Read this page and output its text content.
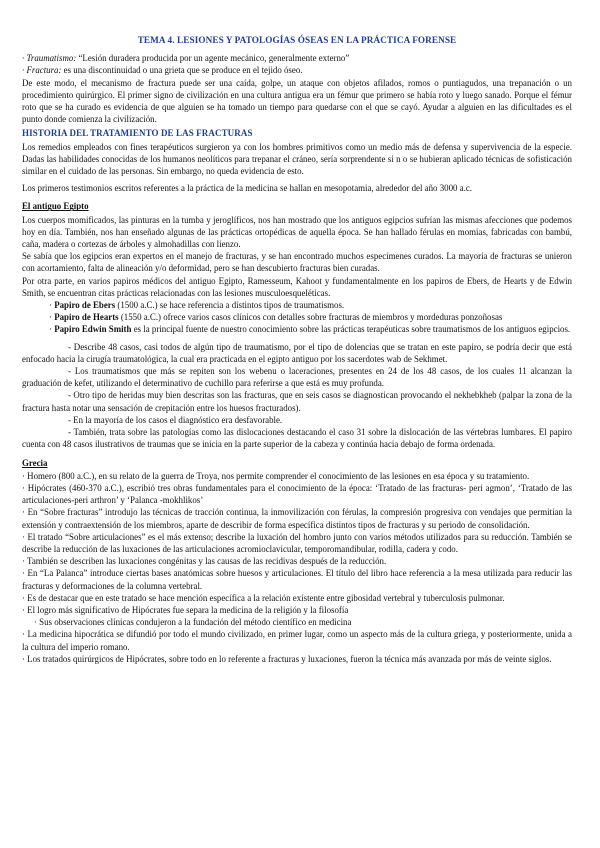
TEMA 4. LESIONES Y PATOLOGÍAS ÓSEAS EN LA PRÁCTICA FORENSE

· Traumatismo: “Lesión duradera producida por un agente mecánico, generalmente externo”

· Fractura: es una discontinuidad o una grieta que se produce en el tejido óseo.

De este modo, el mecanismo de fractura puede ser una caída, golpe, un ataque con objetos afilados, romos o puntiagudos, una trepanación o un procedimiento quirúrgico. El primer signo de civilización en una cultura antigua era un fémur que primero se había roto y luego sanado. Porque el fémur roto que se ha curado es evidencia de que alguien se ha tomado un tiempo para quedarse con el que se cayó. Ayudar a alguien en las dificultades es el punto donde comienza la civilización.

HISTORIA DEL TRATAMIENTO DE LAS FRACTURAS

Los remedios empleados con fines terapéuticos surgieron ya con los hombres primitivos como un medio más de defensa y supervivencia de la especie. Dadas las habilidades conocidas de los humanos neolíticos para trepanar el cráneo, sería sorprendente si n o se hubieran aplicado técnicas de sofisticación similar en el cuidado de las personas. Sin embargo, no queda evidencia de esto.

Los primeros testimonios escritos referentes a la práctica de la medicina se hallan en mesopotamia, alrededor del año 3000 a.c.

El antiguo Egipto

Los cuerpos momificados, las pinturas en la tumba y jeroglíficos, nos han mostrado que los antiguos egipcios sufrían las mismas afecciones que podemos hoy en día. También, nos han enseñado algunas de las prácticas ortopédicas de aquella época. Se han hallado férulas en momias, fabricadas con bambú, caña, madera o cortezas de árboles y almohadillas con lienzo.

Se sabía que los egipcios eran expertos en el manejo de fracturas, y se han encontrado muchos especímenes curados. La mayoría de fracturas se unieron con acortamiento, falta de alineación y/o deformidad, pero se han descubierto fracturas bien curadas.

Por otra parte, en varios papiros médicos del antiguo Egipto, Ramesseum, Kahoot y fundamentalmente en los papiros de Ebers, de Hearts y de Edwin Smith, se encuentran citas prácticas relacionadas con las lesiones musculoesqueléticas.

· Papiro de Ebers (1500 a.C.) se hace referencia a distintos tipos de traumatismos.

· Papiro de Hearts (1550 a.C.) ofrece varios casos clínicos con detalles sobre fracturas de miembros y mordeduras ponzoñosas

· Papiro Edwin Smith es la principal fuente de nuestro conocimiento sobre las prácticas terapéuticas sobre traumatismos de los antiguos egipcios.

- Describe 48 casos, casi todos de algún tipo de traumatismo, por el tipo de dolencias que se tratan en este papiro, se podría decir que está enfocado hacia la cirugía traumatológica, la cual era practicada en el egipto antiguo por los sacerdotes wab de Sekhmet.

- Los traumatismos que más se repiten son los webenu o laceraciones, presentes en 24 de los 48 casos, de los cuales 11 alcanzan la graduación de kefet, utilizando el determinativo de cuchillo para referirse a que está es muy profunda.

- Otro tipo de heridas muy bien descritas son las fracturas, que en seis casos se diagnostican provocando el nekhebkheb (palpar la zona de la fractura hasta notar una sensación de crepitación entre los huesos fracturados).

- En la mayoría de los casos el diagnóstico era desfavorable.

- También, trata sobre las patologías como las dislocaciones destacando el caso 31 sobre la dislocación de las vértebras lumbares. El papiro cuenta con 48 casos ilustrativos de traumas que se inicia en la parte superior de la cabeza y continúa hacia debajo de forma ordenada.

Grecia

· Homero (800 a.C.), en su relato de la guerra de Troya, nos permite comprender el conocimiento de las lesiones en esa época y su tratamiento.

· Hipócrates (460-370 a.C.), escribió tres obras fundamentales para el conocimiento de la época: ‘Tratado de las fracturas- peri agmon’, ‘Tratado de las articulaciones-peri arthron’ y ‘Palanca -mokhlikos’

· En “Sobre fracturas” introdujo las técnicas de tracción continua, la inmovilización con férulas, la compresión progresiva con vendajes que permitían la extensión y contraextensión de los miembros, aparte de describir de forma específica distintos tipos de fracturas y su periodo de consolidación.

· El tratado “Sobre articulaciones” es el más extenso; describe la luxación del hombro junto con varios métodos utilizados para su reducción. También se describe la reducción de las luxaciones de las articulaciones acromioclavicular, temporomandibular, rodilla, cadera y codo.

· También se describen las luxaciones congénitas y las causas de las recidivas después de la reducción.

· En “La Palanca” introduce ciertas bases anatómicas sobre huesos y articulaciones. El título del libro hace referencia a la mesa utilizada para reducir las fracturas y deformaciones de la columna vertebral.

· Es de destacar que en este tratado se hace mención específica a la relación existente entre gibosidad vertebral y tuberculosis pulmonar.

· El logro más significativo de Hipócrates fue separa la medicina de la religión y la filosofía

· Sus observaciones clínicas condujeron a la fundación del método científico en medicina

· La medicina hipocrática se difundió por todo el mundo civilizado, en primer lugar, como un aspecto más de la cultura griega, y posteriormente, unida a la cultura del imperio romano.

· Los tratados quirúrgicos de Hipócrates, sobre todo en lo referente a fracturas y luxaciones, fueron la técnica más avanzada por más de veinte siglos.
